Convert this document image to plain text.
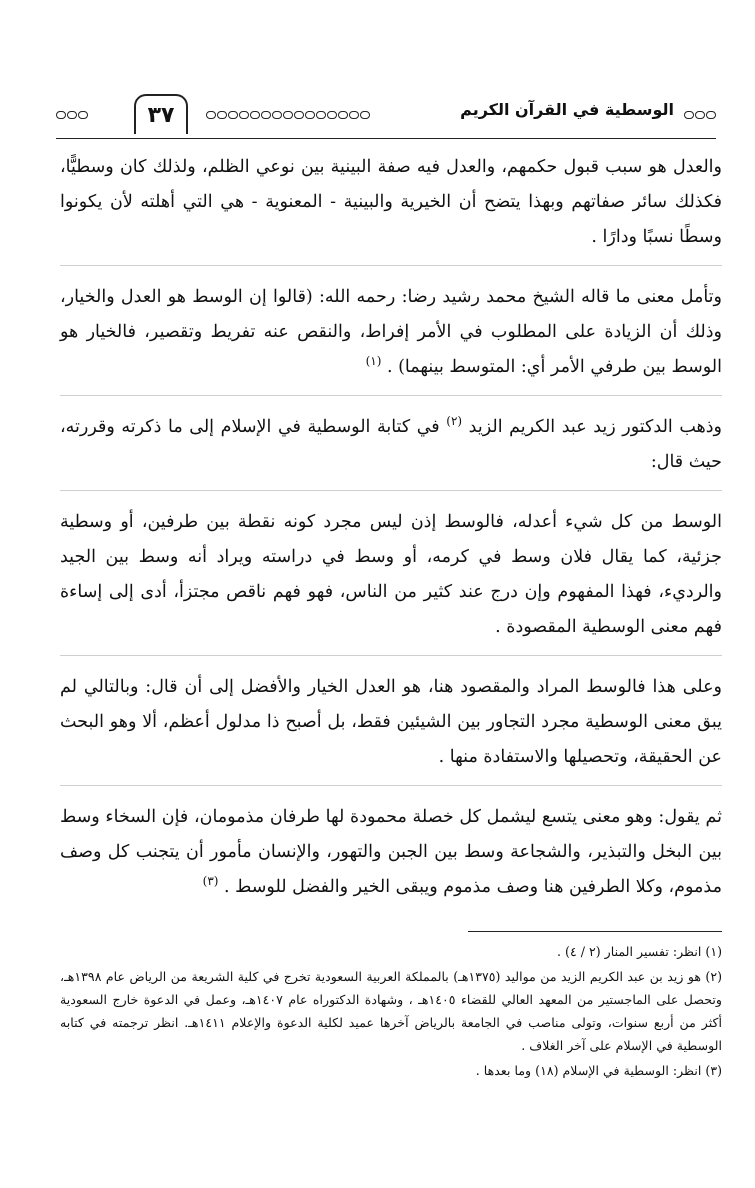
٣٧	الوسطية في القرآن الكريم

والعدل هو سبب قبول حكمهم، والعدل فيه صفة البينية بين نوعي الظلم، ولذلك كان وسطيًّا، فكذلك سائر صفاتهم وبهذا يتضح أن الخيرية والبينية - المعنوية - هي التي أهلته لأن يكونوا وسطًا نسبًا ودارًا .

وتأمل معنى ما قاله الشيخ محمد رشيد رضا: رحمه الله: (قالوا إن الوسط هو العدل والخيار، وذلك أن الزيادة على المطلوب في الأمر إفراط، والنقص عنه تفريط وتقصير، فالخيار هو الوسط بين طرفي الأمر أي: المتوسط بينهما) . $^{(١)}$

وذهب الدكتور زيد عبد الكريم الزيد $^{(٢)}$ في كتابة الوسطية في الإسلام إلى ما ذكرته وقررته، حيث قال:

الوسط من كل شيء أعدله، فالوسط إذن ليس مجرد كونه نقطة بين طرفين، أو وسطية جزئية، كما يقال فلان وسط في كرمه، أو وسط في دراسته ويراد أنه وسط بين الجيد والرديء، فهذا المفهوم وإن درج عند كثير من الناس، فهو فهم ناقص مجتزأ، أدى إلى إساءة فهم معنى الوسطية المقصودة .

وعلى هذا فالوسط المراد والمقصود هنا، هو العدل الخيار والأفضل إلى أن قال: وبالتالي لم يبق معنى الوسطية مجرد التجاور بين الشيئين فقط، بل أصبح ذا مدلول أعظم، ألا وهو البحث عن الحقيقة، وتحصيلها والاستفادة منها .

ثم يقول: وهو معنى يتسع ليشمل كل خصلة محمودة لها طرفان مذمومان، فإن السخاء وسط بين البخل والتبذير، والشجاعة وسط بين الجبن والتهور، والإنسان مأمور أن يتجنب كل وصف مذموم، وكلا الطرفين هنا وصف مذموم ويبقى الخير والفضل للوسط . $^{(٣)}$

(١) انظر: تفسير المنار (٢ / ٤) .

(٢) هو زيد بن عبد الكريم الزيد من مواليد (١٣٧٥هـ) بالمملكة العربية السعودية تخرج في كلية الشريعة من الرياض عام ١٣٩٨هـ، وتحصل على الماجستير من المعهد العالي للقضاء ١٤٠٥هـ ، وشهادة الدكتوراه عام ١٤٠٧هـ، وعمل في الدعوة خارج السعودية أكثر من أربع سنوات، وتولى مناصب في الجامعة بالرياض آخرها عميد لكلية الدعوة والإعلام ١٤١١هـ. انظر ترجمته في كتابه الوسطية في الإسلام على آخر الغلاف .

(٣) انظر: الوسطية في الإسلام (١٨) وما بعدها .
